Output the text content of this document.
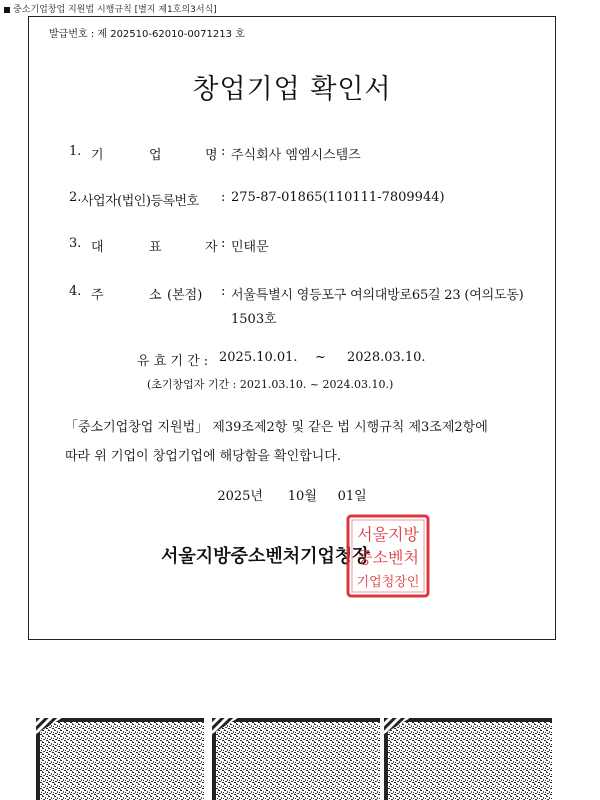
중소기업창업 지원법 시행규칙 [별지 제1호의3서식]
발급번호 : 제 202510-62010-0071213 호
창업기업 확인서
1. 기	업	명 : 주식회사 엠엠시스템즈
2. 사업자(법인)등록번호 : 275-87-01865(110111-7809944)
3. 대	표	자 : 민태문
4. 주	소 (본점) : 서울특별시 영등포구 여의대방로65길 23 (여의도동)
1503호
유 효 기 간 : 2025.10.01. ~ 2028.03.10.
(초기창업자 기간 : 2021.03.10. ~ 2024.03.10.)
「중소기업창업 지원법」 제39조제2항 및 같은 법 시행규칙 제3조제2항에
따라 위 기업이 창업기업에 해당함을 확인합니다.
2025년 10월 01일
서울지방중소벤처기업청장
서울지방
중소벤처
기업청장인
